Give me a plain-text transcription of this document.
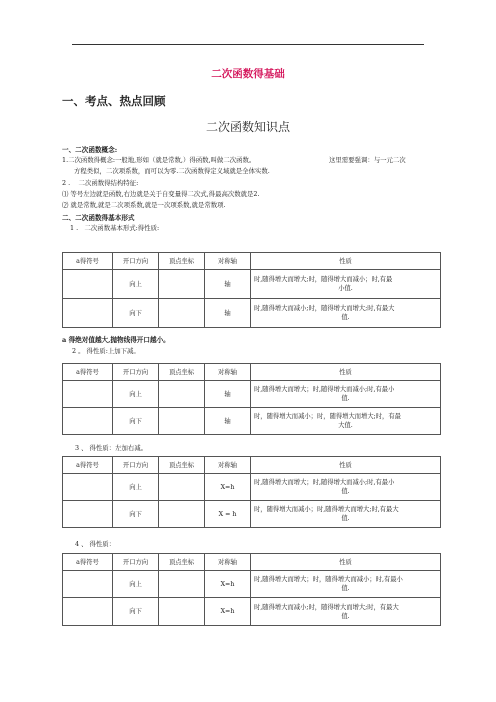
二次函数得基础
一、考点、热点回顾
二次函数知识点
一、二次函数概念:
1.二次函数得概念:一般地,形如（就是常数,）得函数,叫做二次函数。	这里需要强调：与一元二次
方程类似，二次项系数，而可以为零.二次函数得定义域就是全体实数.
2 .　 二次函数得结构特征:
⑴ 等号左边就是函数,右边就是关于自变量得二次式,得最高次数就是2.
⑵ 就是常数,就是二次项系数,就是一次项系数,就是常数项.
二、二次函数得基本形式
1 .　二次函数基本形式:得性质:
a得符号	开口方向	顶点坐标	对称轴	性质
	向上		轴	时,随得增大而增大;时，随得增大而减小；时,有最
小值.

	向下		轴	时,随得增大而减小;时，随得增大而增大;时,有最大
值.
a 得绝对值越大,抛物线得开口越小。
2 。 得性质:上加下减。
a得符号	开口方向	顶点坐标	对称轴	性质
	向上		轴	时,随得增大而增大；时,随得增大而减小;时,有最小
值.

	向下		轴	时，随得增大而减小；时，随得增大而增大;时，有最
大值.
3 、 得性质：左加右减。
a得符号	开口方向	顶点坐标	对称轴	性质
	向上		X=h	时,随得增大而增大；时,随得增大而减小;时,有最小
值.

	向下		X = h	时，随得增大而减小；时,随得增大而增大;时,有最大
值.
4 、 得性质：
a得符号	开口方向	顶点坐标	对称轴	性质
	向上		X=h	时,随得增大而增大；时，随得增大而减小；时,有最小
值.

	向下		X=h	时,随得增大而减小;时，随得增大而增大;时，有最大
值.
